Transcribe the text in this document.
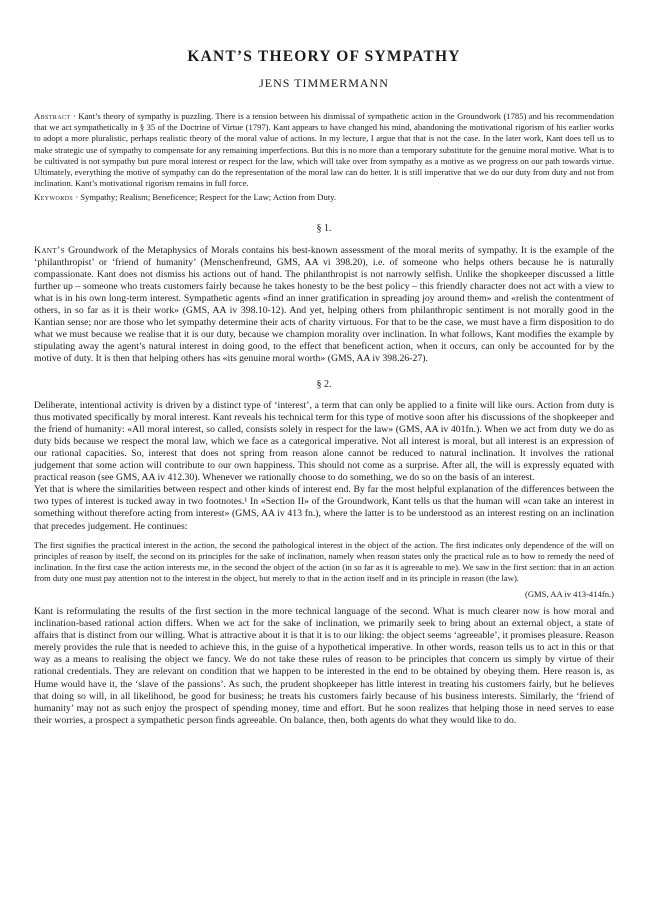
KANT’S THEORY OF SYMPATHY
JENS TIMMERMANN
Abstract · Kant’s theory of sympathy is puzzling. There is a tension between his dismissal of sympathetic action in the Groundwork (1785) and his recommendation that we act sympathetically in § 35 of the Doctrine of Virtue (1797). Kant appears to have changed his mind, abandoning the motivational rigorism of his earlier works to adopt a more pluralistic, perhaps realistic theory of the moral value of actions. In my lecture, I argue that that is not the case. In the later work, Kant does tell us to make strategic use of sympathy to compensate for any remaining imperfections. But this is no more than a temporary substitute for the genuine moral motive. What is to be cultivated is not sympathy but pure moral interest or respect for the law, which will take over from sympathy as a motive as we progress on our path towards virtue. Ultimately, everything the motive of sympathy can do the representation of the moral law can do better. It is still imperative that we do our duty from duty and not from inclination. Kant’s motivational rigorism remains in full force.
Keywords · Sympathy; Realism; Beneficence; Respect for the Law; Action from Duty.
§ 1.
Kant’s Groundwork of the Metaphysics of Morals contains his best-known assessment of the moral merits of sympathy. It is the example of the ‘philanthropist’ or ‘friend of humanity’ (Menschenfreund, GMS, AA vi 398.20), i.e. of someone who helps others because he is naturally compassionate. Kant does not dismiss his actions out of hand. The philanthropist is not narrowly selfish. Unlike the shopkeeper discussed a little further up – someone who treats customers fairly because he takes honesty to be the best policy – this friendly character does not act with a view to what is in his own long-term interest. Sympathetic agents «find an inner gratification in spreading joy around them» and «relish the contentment of others, in so far as it is their work» (GMS, AA iv 398.10-12). And yet, helping others from philanthropic sentiment is not morally good in the Kantian sense; nor are those who let sympathy determine their acts of charity virtuous. For that to be the case, we must have a firm disposition to do what we must because we realise that it is our duty, because we champion morality over inclination. In what follows, Kant modifies the example by stipulating away the agent’s natural interest in doing good, to the effect that beneficent action, when it occurs, can only be accounted for by the motive of duty. It is then that helping others has «its genuine moral worth» (GMS, AA iv 398.26-27).
§ 2.
Deliberate, intentional activity is driven by a distinct type of ‘interest’, a term that can only be applied to a finite will like ours. Action from duty is thus motivated specifically by moral interest. Kant reveals his technical term for this type of motive soon after his discussions of the shopkeeper and the friend of humanity: «All moral interest, so called, consists solely in respect for the law» (GMS, AA iv 401fn.). When we act from duty we do as duty bids because we respect the moral law, which we face as a categorical imperative. Not all interest is moral, but all interest is an expression of our rational capacities. So, interest that does not spring from reason alone cannot be reduced to natural inclination. It involves the rational judgement that some action will contribute to our own happiness. This should not come as a surprise. After all, the will is expressly equated with practical reason (see GMS, AA iv 412.30). Whenever we rationally choose to do something, we do so on the basis of an interest.
Yet that is where the similarities between respect and other kinds of interest end. By far the most helpful explanation of the differences between the two types of interest is tucked away in two footnotes.¹ In «Section II» of the Groundwork, Kant tells us that the human will «can take an interest in something without therefore acting from interest» (GMS, AA iv 413 fn.), where the latter is to be understood as an interest resting on an inclination that precedes judgement. He continues:
The first signifies the practical interest in the action, the second the pathological interest in the object of the action. The first indicates only dependence of the will on principles of reason by itself, the second on its principles for the sake of inclination, namely when reason states only the practical rule as to how to remedy the need of inclination. In the first case the action interests me, in the second the object of the action (in so far as it is agreeable to me). We saw in the first section: that in an action from duty one must pay attention not to the interest in the object, but merely to that in the action itself and in its principle in reason (the law).
(GMS, AA iv 413-414fn.)
Kant is reformulating the results of the first section in the more technical language of the second. What is much clearer now is how moral and inclination-based rational action differs. When we act for the sake of inclination, we primarily seek to bring about an external object, a state of affairs that is distinct from our willing. What is attractive about it is that it is to our liking: the object seems ‘agreeable’, it promises pleasure. Reason merely provides the rule that is needed to achieve this, in the guise of a hypothetical imperative. In other words, reason tells us to act in this or that way as a means to realising the object we fancy. We do not take these rules of reason to be principles that concern us simply by virtue of their rational credentials. They are relevant on condition that we happen to be interested in the end to be obtained by obeying them. Here reason is, as Hume would have it, the ‘slave of the passions’. As such, the prudent shopkeeper has little interest in treating his customers fairly, but he believes that doing so will, in all likelihood, be good for business; he treats his customers fairly because of his business interests. Similarly, the ‘friend of humanity’ may not as such enjoy the prospect of spending money, time and effort. But he soon realizes that helping those in need serves to ease their worries, a prospect a sympathetic person finds agreeable. On balance, then, both agents do what they would like to do.
